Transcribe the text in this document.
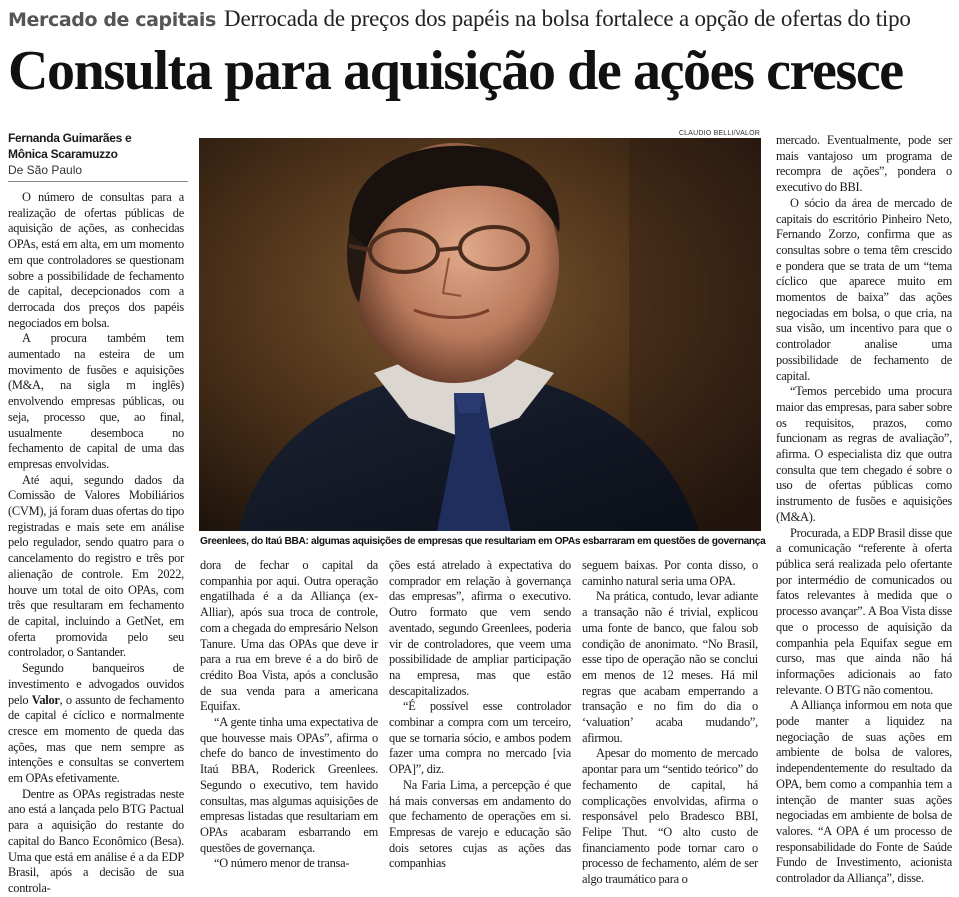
Mercado de capitais Derrocada de preços dos papéis na bolsa fortalece a opção de ofertas do tipo
Consulta para aquisição de ações cresce
Fernanda Guimarães e
Mônica Scaramuzzo
De São Paulo

O número de consultas para a realização de ofertas públicas de aquisição de ações, as conhecidas OPAs, está em alta, em um momento em que controladores se questionam sobre a possibilidade de fechamento de capital, decepcionados com a derrocada dos preços dos papéis negociados em bolsa.

A procura também tem aumentado na esteira de um movimento de fusões e aquisições (M&A, na sigla m inglês) envolvendo empresas públicas, ou seja, processo que, ao final, usualmente desemboca no fechamento de capital de uma das empresas envolvidas.

Até aqui, segundo dados da Comissão de Valores Mobiliários (CVM), já foram duas ofertas do tipo registradas e mais sete em análise pelo regulador, sendo quatro para o cancelamento do registro e três por alienação de controle. Em 2022, houve um total de oito OPAs, com três que resultaram em fechamento de capital, incluindo a GetNet, em oferta promovida pelo seu controlador, o Santander.

Segundo banqueiros de investimento e advogados ouvidos pelo Valor, o assunto de fechamento de capital é cíclico e normalmente cresce em momento de queda das ações, mas que nem sempre as intenções e consultas se convertem em OPAs efetivamente.

Dentre as OPAs registradas neste ano está a lançada pelo BTG Pactual para a aquisição do restante do capital do Banco Econômico (Besa). Uma que está em análise é a da EDP Brasil, após a decisão de sua controla-

CLAUDIO BELLI/VALOR
Greenlees, do Itaú BBA: algumas aquisições de empresas que resultariam em OPAs esbarraram em questões de governança

dora de fechar o capital da companhia por aqui. Outra operação engatilhada é a da Alliança (ex-Alliar), após sua troca de controle, com a chegada do empresário Nelson Tanure. Uma das OPAs que deve ir para a rua em breve é a do birô de crédito Boa Vista, após a conclusão de sua venda para a americana Equifax.

“A gente tinha uma expectativa de que houvesse mais OPAs”, afirma o chefe do banco de investimento do Itaú BBA, Roderick Greenlees. Segundo o executivo, tem havido consultas, mas algumas aquisições de empresas listadas que resultariam em OPAs acabaram esbarrando em questões de governança.

“O número menor de transa-

ções está atrelado à expectativa do comprador em relação à governança das empresas”, afirma o executivo. Outro formato que vem sendo aventado, segundo Greenlees, poderia vir de controladores, que veem uma possibilidade de ampliar participação na empresa, mas que estão descapitalizados.

“É possível esse controlador combinar a compra com um terceiro, que se tornaria sócio, e ambos podem fazer uma compra no mercado [via OPA]”, diz.

Na Faria Lima, a percepção é que há mais conversas em andamento do que fechamento de operações em si. Empresas de varejo e educação são dois setores cujas as ações das companhias

seguem baixas. Por conta disso, o caminho natural seria uma OPA.

Na prática, contudo, levar adiante a transação não é trivial, explicou uma fonte de banco, que falou sob condição de anonimato. “No Brasil, esse tipo de operação não se conclui em menos de 12 meses. Há mil regras que acabam emperrando a transação e no fim do dia o ‘valuation’ acaba mudando”, afirmou.

Apesar do momento de mercado apontar para um “sentido teórico” do fechamento de capital, há complicações envolvidas, afirma o responsável pelo Bradesco BBI, Felipe Thut. “O alto custo de financiamento pode tornar caro o processo de fechamento, além de ser algo traumático para o

mercado. Eventualmente, pode ser mais vantajoso um programa de recompra de ações”, pondera o executivo do BBI.

O sócio da área de mercado de capitais do escritório Pinheiro Neto, Fernando Zorzo, confirma que as consultas sobre o tema têm crescido e pondera que se trata de um “tema cíclico que aparece muito em momentos de baixa” das ações negociadas em bolsa, o que cria, na sua visão, um incentivo para que o controlador analise uma possibilidade de fechamento de capital.

“Temos percebido uma procura maior das empresas, para saber sobre os requisitos, prazos, como funcionam as regras de avaliação”, afirma. O especialista diz que outra consulta que tem chegado é sobre o uso de ofertas públicas como instrumento de fusões e aquisições (M&A).

Procurada, a EDP Brasil disse que a comunicação “referente à oferta pública será realizada pelo ofertante por intermédio de comunicados ou fatos relevantes à medida que o processo avançar”. A Boa Vista disse que o processo de aquisição da companhia pela Equifax segue em curso, mas que ainda não há informações adicionais ao fato relevante. O BTG não comentou.

A Alliança informou em nota que pode manter a liquidez na negociação de suas ações em ambiente de bolsa de valores, independentemente do resultado da OPA, bem como a companhia tem a intenção de manter suas ações negociadas em ambiente de bolsa de valores. “A OPA é um processo de responsabilidade do Fonte de Saúde Fundo de Investimento, acionista controlador da Alliança”, disse.
